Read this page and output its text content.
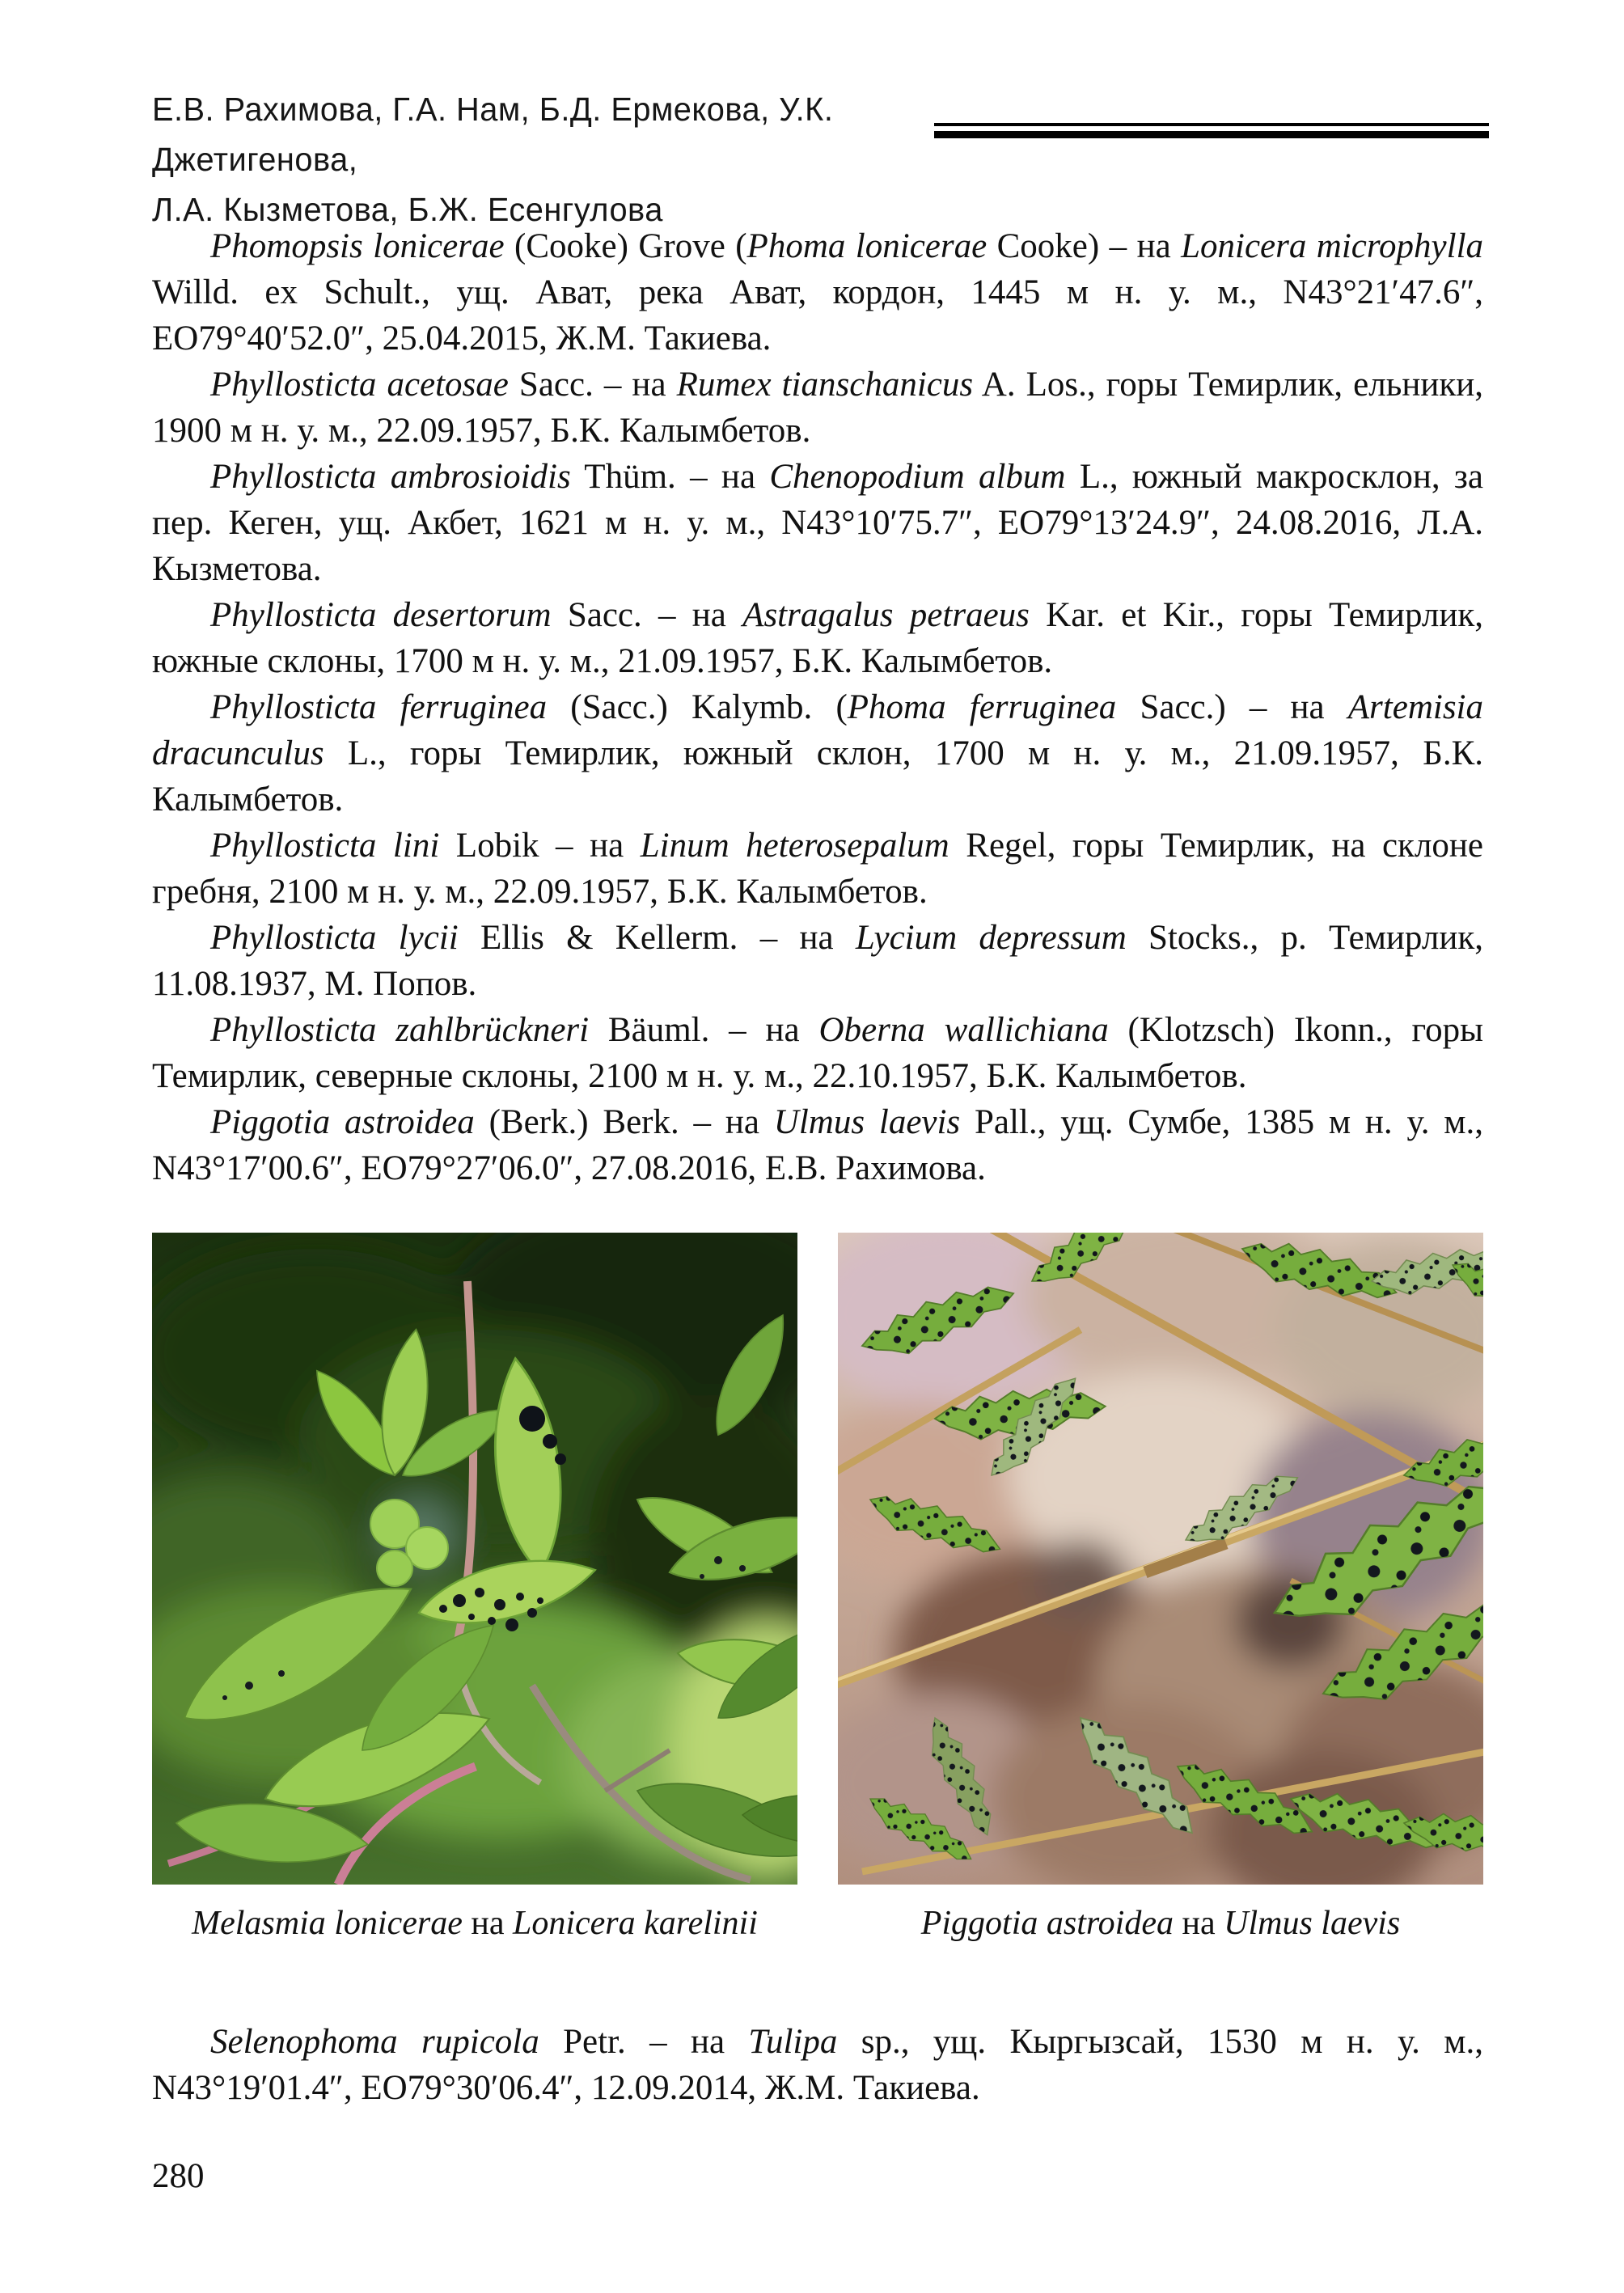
Е.В. Рахимова, Г.А. Нам, Б.Д. Ермекова, У.К. Джетигенова,
Л.А. Кызметова, Б.Ж. Есенгулова

Phomopsis lonicerae (Cooke) Grove (Phoma lonicerae Cooke) – на Lonicera microphylla Willd. ex Schult., ущ. Ават, река Ават, кордон, 1445 м н. у. м., N43°21′47.6″, ЕО79°40′52.0″, 25.04.2015, Ж.М. Такиева.

Phyllosticta acetosae Sacc. – на Rumex tianschanicus A. Los., горы Темирлик, ельники, 1900 м н. у. м., 22.09.1957, Б.К. Калымбетов.

Phyllosticta ambrosioidis Thüm. – на Chenopodium album L., южный макросклон, за пер. Кеген, ущ. Акбет, 1621 м н. у. м., N43°10′75.7″, ЕО79°13′24.9″, 24.08.2016, Л.А. Кызметова.

Phyllosticta desertorum Sacc. – на Astragalus petraeus Kar. et Kir., горы Темирлик, южные склоны, 1700 м н. у. м., 21.09.1957, Б.К. Калымбетов.

Phyllosticta ferruginea (Sacc.) Kalymb. (Phoma ferruginea Sacc.) – на Artemisia dracunculus L., горы Темирлик, южный склон, 1700 м н. у. м., 21.09.1957, Б.К. Калымбетов.

Phyllosticta lini Lobik – на Linum heterosepalum Regel, горы Темирлик, на склоне гребня, 2100 м н. у. м., 22.09.1957, Б.К. Калымбетов.

Phyllosticta lycii Ellis & Kellerm. – на Lycium depressum Stocks., р. Темирлик, 11.08.1937, М. Попов.

Phyllosticta zahlbrückneri Bäuml. – на Oberna wallichiana (Klotzsch) Ikonn., горы Темирлик, северные склоны, 2100 м н. у. м., 22.10.1957, Б.К. Калымбетов.

Piggotia astroidea (Berk.) Berk. – на Ulmus laevis Pall., ущ. Сумбе, 1385 м н. у. м., N43°17′00.6″, ЕО79°27′06.0″, 27.08.2016, Е.В. Рахимова.

Melasmia lonicerae на Lonicera karelinii	Piggotia astroidea на Ulmus laevis

Selenophoma rupicola Petr. – на Tulipa sp., ущ. Кыргызсай, 1530 м н. у. м., N43°19′01.4″, ЕО79°30′06.4″, 12.09.2014, Ж.М. Такиева.

280
